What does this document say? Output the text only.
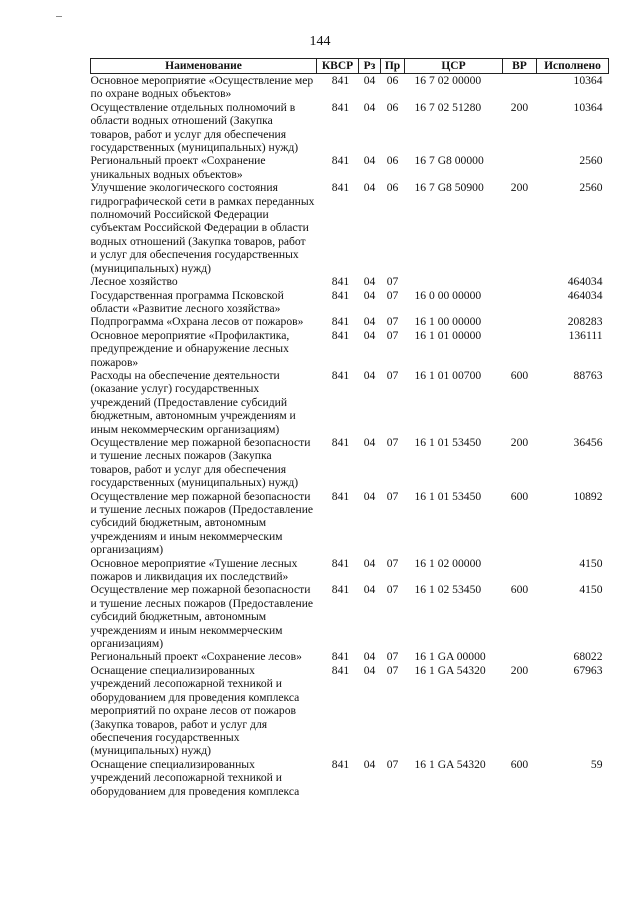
144
Наименование	КВСР	Рз	Пр	ЦСР	ВР	Исполнено
Основное мероприятие «Осуществление мер по охране водных объектов»	841	04	06	16 7 02 00000		10364
Осуществление отдельных полномочий в области водных отношений (Закупка товаров, работ и услуг для обеспечения государственных (муниципальных) нужд)	841	04	06	16 7 02 51280	200	10364
Региональный проект «Сохранение уникальных водных объектов»	841	04	06	16 7 G8 00000		2560
Улучшение экологического состояния гидрографической сети в рамках переданных полномочий Российской Федерации субъектам Российской Федерации в области водных отношений (Закупка товаров, работ и услуг для обеспечения государственных (муниципальных) нужд)	841	04	06	16 7 G8 50900	200	2560
Лесное хозяйство	841	04	07			464034
Государственная программа Псковской области «Развитие лесного хозяйства»	841	04	07	16 0 00 00000		464034
Подпрограмма «Охрана лесов от пожаров»	841	04	07	16 1 00 00000		208283
Основное мероприятие «Профилактика, предупреждение и обнаружение лесных пожаров»	841	04	07	16 1 01 00000		136111
Расходы на обеспечение деятельности (оказание услуг) государственных учреждений (Предоставление субсидий бюджетным, автономным учреждениям и иным некоммерческим организациям)	841	04	07	16 1 01 00700	600	88763
Осуществление мер пожарной безопасности и тушение лесных пожаров (Закупка товаров, работ и услуг для обеспечения государственных (муниципальных) нужд)	841	04	07	16 1 01 53450	200	36456
Осуществление мер пожарной безопасности и тушение лесных пожаров (Предоставление субсидий бюджетным, автономным учреждениям и иным некоммерческим организациям)	841	04	07	16 1 01 53450	600	10892
Основное мероприятие «Тушение лесных пожаров и ликвидация их последствий»	841	04	07	16 1 02 00000		4150
Осуществление мер пожарной безопасности и тушение лесных пожаров (Предоставление субсидий бюджетным, автономным учреждениям и иным некоммерческим организациям)	841	04	07	16 1 02 53450	600	4150
Региональный проект «Сохранение лесов»	841	04	07	16 1 GA 00000		68022
Оснащение специализированных учреждений лесопожарной техникой и оборудованием для проведения комплекса мероприятий по охране лесов от пожаров (Закупка товаров, работ и услуг для обеспечения государственных (муниципальных) нужд)	841	04	07	16 1 GA 54320	200	67963
Оснащение специализированных учреждений лесопожарной техникой и оборудованием для проведения комплекса	841	04	07	16 1 GA 54320	600	59
